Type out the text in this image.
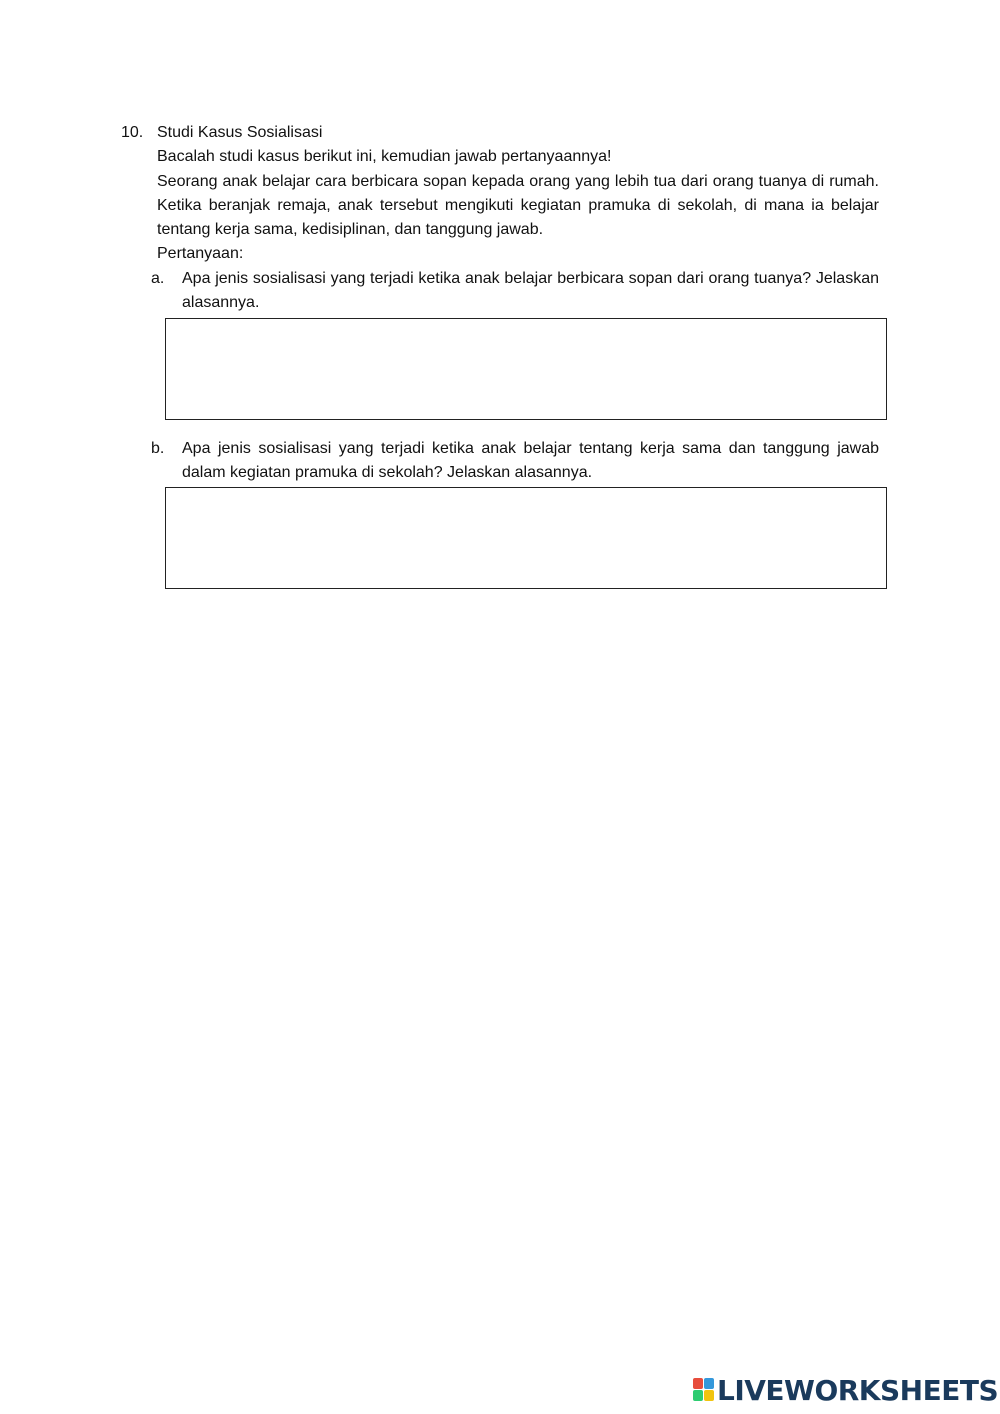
10. Studi Kasus Sosialisasi

Bacalah studi kasus berikut ini, kemudian jawab pertanyaannya!

Seorang anak belajar cara berbicara sopan kepada orang yang lebih tua dari orang tuanya di rumah. Ketika beranjak remaja, anak tersebut mengikuti kegiatan pramuka di sekolah, di mana ia belajar tentang kerja sama, kedisiplinan, dan tanggung jawab.

Pertanyaan:

a.	Apa jenis sosialisasi yang terjadi ketika anak belajar berbicara sopan dari orang tuanya? Jelaskan alasannya.
b.	Apa jenis sosialisasi yang terjadi ketika anak belajar tentang kerja sama dan tanggung jawab dalam kegiatan pramuka di sekolah? Jelaskan alasannya.
LIVEWORKSHEETS
